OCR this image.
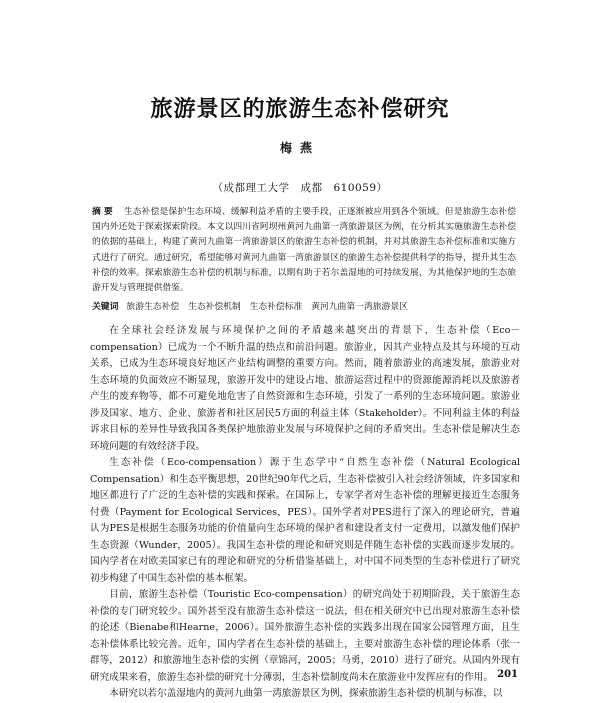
旅游景区的旅游生态补偿研究
梅燕
（成都理工大学　成都　610059）
摘要 生态补偿是保护生态环境、缓解利益矛盾的主要手段，正逐渐被应用到各个领域。但是旅游生态补偿国内外还处于探索探索阶段。本文以四川省阿坝州黄河九曲第一湾旅游景区为例，在分析其实施旅游生态补偿的依据的基础上，构建了黄河九曲第一湾旅游景区的旅游生态补偿的机制，并对其旅游生态补偿标准和实施方式进行了研究。通过研究，希望能够对黄河九曲第一湾旅游景区的旅游生态补偿提供科学的指导，提升其生态补偿的效率。探索旅游生态补偿的机制与标准，以期有助于若尔盖湿地的可持续发展，为其他保护地的生态旅游开发与管理提供借鉴。
关键词 旅游生态补偿　生态补偿机制　生态补偿标准　黄河九曲第一湾旅游景区

在全球社会经济发展与环境保护之间的矛盾越来越突出的背景下，生态补偿（Eco－compensation）已成为一个不断升温的热点和前沿问题。旅游业，因其产业特点及其与环境的互动关系，已成为生态环境良好地区产业结构调整的重要方向。然而，随着旅游业的高速发展，旅游业对生态环境的负面效应不断显现，旅游开发中的建设占地、旅游运营过程中的资源能源消耗以及旅游者产生的废弃物等，都不可避免地危害了自然资源和生态环境，引发了一系列的生态环境问题。旅游业涉及国家、地方、企业、旅游者和社区居民5方面的利益主体（Stakeholder）。不同利益主体的利益诉求目标的差异性导致我国各类保护地旅游业发展与环境保护之间的矛盾突出。生态补偿是解决生态环境问题的有效经济手段。

生态补偿（Eco-compensation）源于生态学中“自然生态补偿（Natural Ecological Compensation）和生态平衡思想，20世纪90年代之后，生态补偿被引入社会经济领域，许多国家和地区都进行了广泛的生态补偿的实践和探索。在国际上，专家学者对生态补偿的理解更接近生态服务付费（Payment for Ecological Services，PES）。国外学者对PES进行了深入的理论研究，普遍认为PES是根据生态服务功能的价值量向生态环境的保护者和建设者支付一定费用，以激发他们保护生态资源（Wunder，2005）。我国生态补偿的理论和研究则是伴随生态补偿的实践而逐步发展的。国内学者在对欧美国家已有的理论和研究的分析借鉴基础上，对中国不同类型的生态补偿进行了研究初步构建了中国生态补偿的基本框架。

目前，旅游生态补偿（Touristic Eco-compensation）的研究尚处于初期阶段，关于旅游生态补偿的专门研究较少。国外甚至没有旅游生态补偿这一说法，但在相关研究中已出现对旅游生态补偿的论述（Bienabe和Hearne，2006）。国外旅游生态补偿的实践多出现在国家公园管理方面，且生态补偿体系比较完善。近年，国内学者在生态补偿的基础上，主要对旅游生态补偿的理论体系（张一群等，2012）和旅游地生态补偿的实例（章锦河，2005；马勇，2010）进行了研究。从国内外现有研究成果来看，旅游生态补偿的研究十分薄弱，生态补偿制度尚未在旅游业中发挥应有的作用。

本研究以若尔盖湿地内的黄河九曲第一湾旅游景区为例，探索旅游生态补偿的机制与标准，以

201
